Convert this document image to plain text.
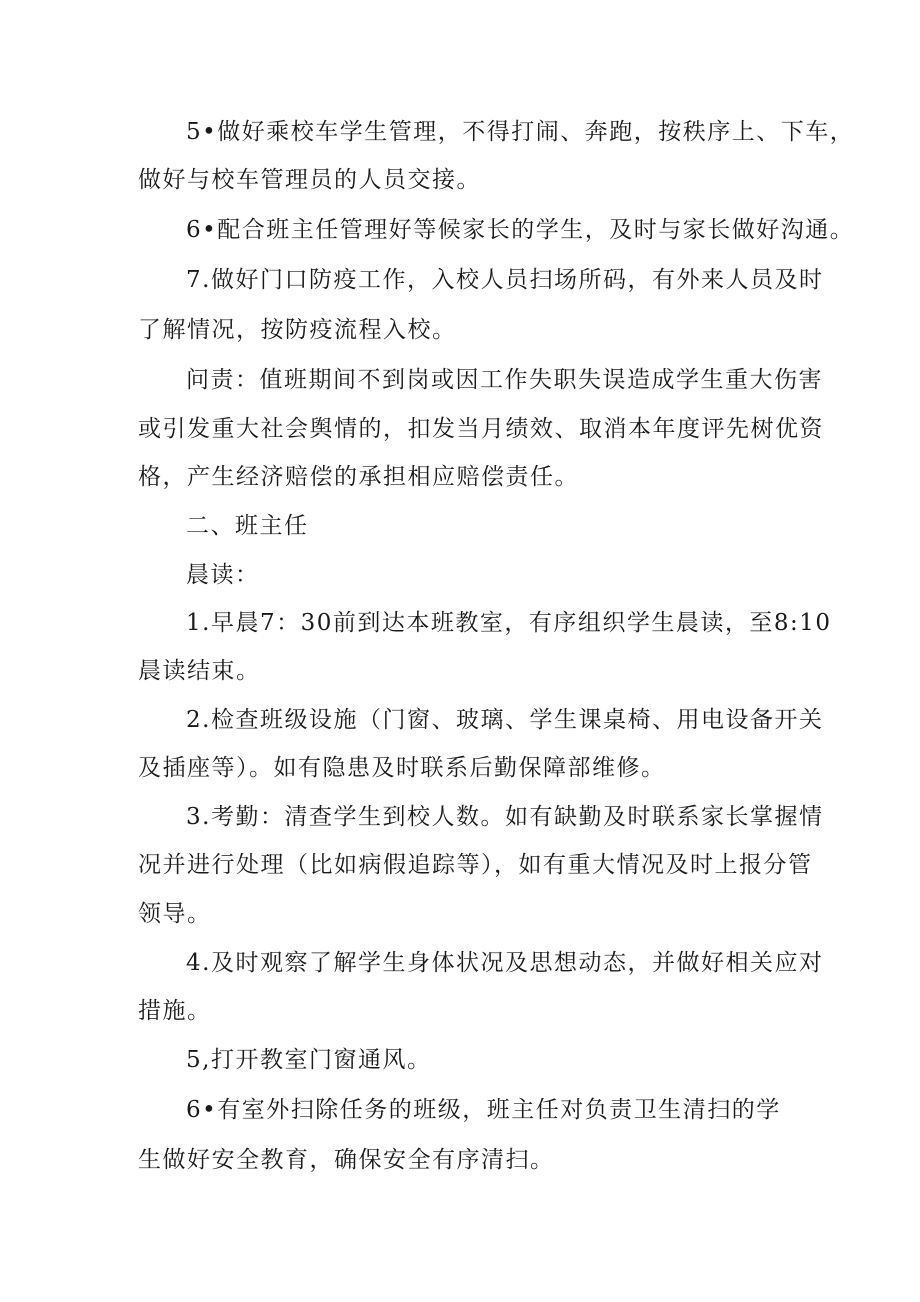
5•做好乘校车学生管理，不得打闹、奔跑，按秩序上、下车，
做好与校车管理员的人员交接。
6•配合班主任管理好等候家长的学生，及时与家长做好沟通。
7.做好门口防疫工作，入校人员扫场所码，有外来人员及时
了解情况，按防疫流程入校。
问责：值班期间不到岗或因工作失职失误造成学生重大伤害
或引发重大社会舆情的，扣发当月绩效、取消本年度评先树优资
格，产生经济赔偿的承担相应赔偿责任。
二、班主任
晨读：
1.早晨7：30前到达本班教室，有序组织学生晨读，至8:10
晨读结束。
2.检查班级设施（门窗、玻璃、学生课桌椅、用电设备开关
及插座等）。如有隐患及时联系后勤保障部维修。
3.考勤：清查学生到校人数。如有缺勤及时联系家长掌握情
况并进行处理（比如病假追踪等），如有重大情况及时上报分管
领导。
4.及时观察了解学生身体状况及思想动态，并做好相关应对
措施。
5,打开教室门窗通风。
6•有室外扫除任务的班级，班主任对负责卫生清扫的学
生做好安全教育，确保安全有序清扫。
